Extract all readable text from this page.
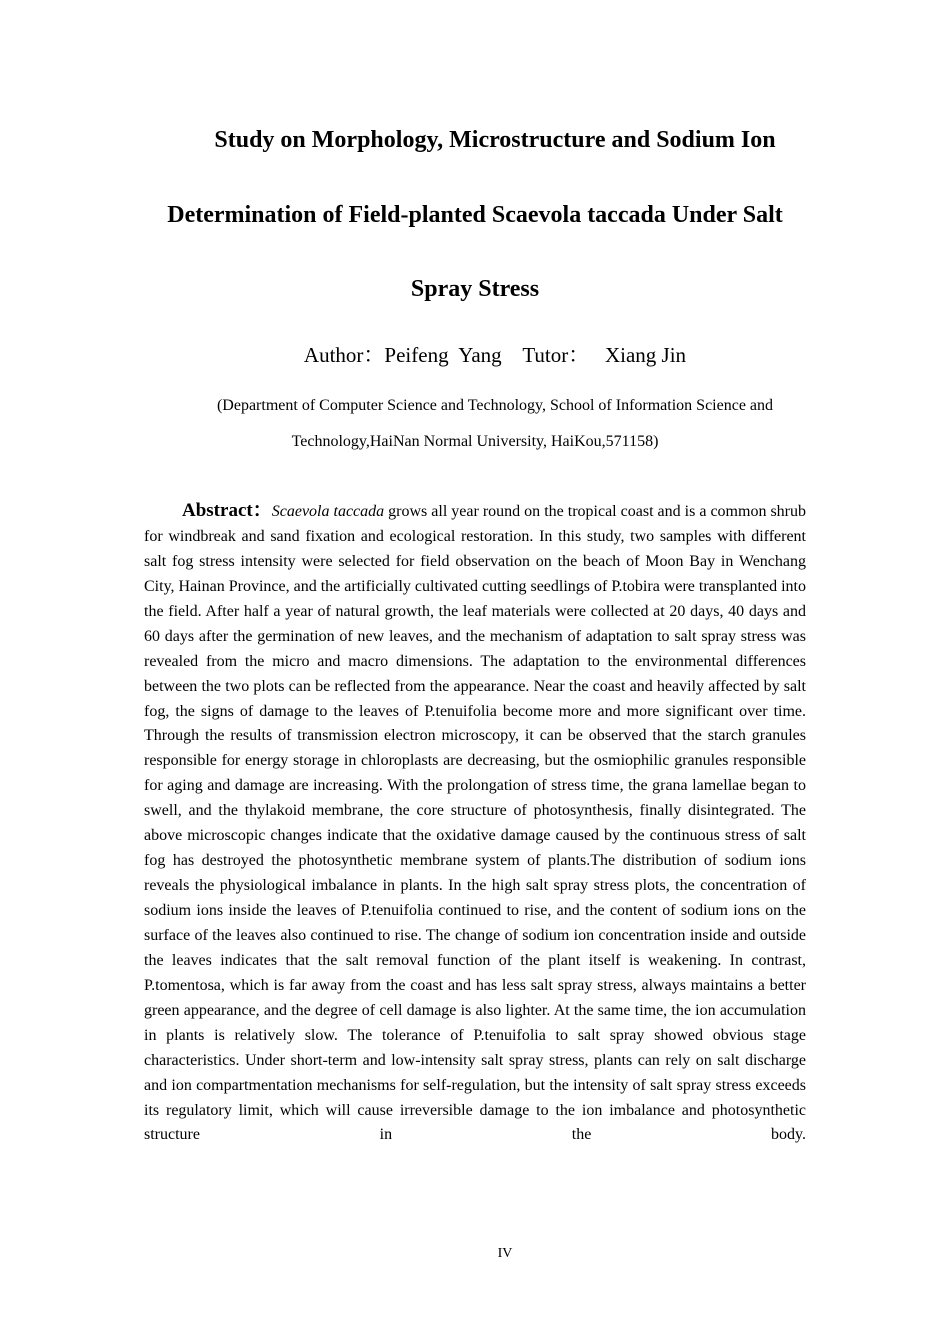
Study on Morphology, Microstructure and Sodium Ion
Determination of Field-planted Scaevola taccada Under Salt
Spray Stress
Author：Peifeng  Yang Tutor： Xiang Jin
(Department of Computer Science and Technology, School of Information Science and
Technology,HaiNan Normal University, HaiKou,571158)
Abstract：Scaevola taccada grows all year round on the tropical coast and is a common shrub for windbreak and sand fixation and ecological restoration. In this study, two samples with different salt fog stress intensity were selected for field observation on the beach of Moon Bay in Wenchang City, Hainan Province, and the artificially cultivated cutting seedlings of P.tobira were transplanted into the field. After half a year of natural growth, the leaf materials were collected at 20 days, 40 days and 60 days after the germination of new leaves, and the mechanism of adaptation to salt spray stress was revealed from the micro and macro dimensions. The adaptation to the environmental differences between the two plots can be reflected from the appearance. Near the coast and heavily affected by salt fog, the signs of damage to the leaves of P.tenuifolia become more and more significant over time. Through the results of transmission electron microscopy, it can be observed that the starch granules responsible for energy storage in chloroplasts are decreasing, but the osmiophilic granules responsible for aging and damage are increasing. With the prolongation of stress time, the grana lamellae began to swell, and the thylakoid membrane, the core structure of photosynthesis, finally disintegrated. The above microscopic changes indicate that the oxidative damage caused by the continuous stress of salt fog has destroyed the photosynthetic membrane system of plants.The distribution of sodium ions reveals the physiological imbalance in plants. In the high salt spray stress plots, the concentration of sodium ions inside the leaves of P.tenuifolia continued to rise, and the content of sodium ions on the surface of the leaves also continued to rise. The change of sodium ion concentration inside and outside the leaves indicates that the salt removal function of the plant itself is weakening. In contrast, P.tomentosa, which is far away from the coast and has less salt spray stress, always maintains a better green appearance, and the degree of cell damage is also lighter. At the same time, the ion accumulation in plants is relatively slow. The tolerance of P.tenuifolia to salt spray showed obvious stage characteristics. Under short-term and low-intensity salt spray stress, plants can rely on salt discharge and ion compartmentation mechanisms for self-regulation, but the intensity of salt spray stress exceeds its regulatory limit, which will cause irreversible damage to the ion imbalance and photosynthetic structure in the body.
IV
